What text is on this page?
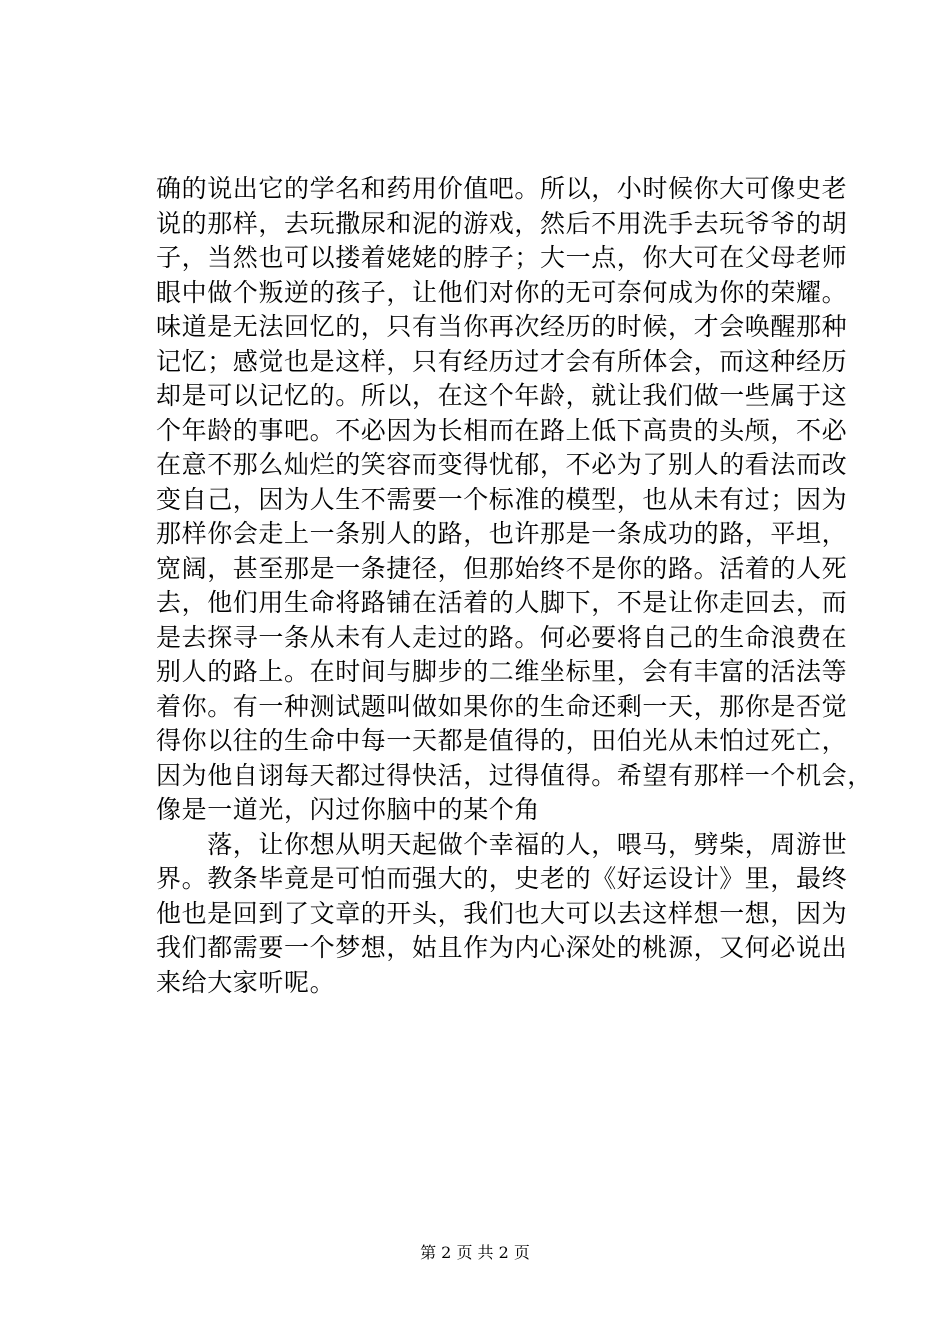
确的说出它的学名和药用价值吧。所以，小时候你大可像史老
说的那样，去玩撒尿和泥的游戏，然后不用洗手去玩爷爷的胡
子，当然也可以搂着姥姥的脖子；大一点，你大可在父母老师
眼中做个叛逆的孩子，让他们对你的无可奈何成为你的荣耀。
味道是无法回忆的，只有当你再次经历的时候，才会唤醒那种
记忆；感觉也是这样，只有经历过才会有所体会，而这种经历
却是可以记忆的。所以，在这个年龄，就让我们做一些属于这
个年龄的事吧。不必因为长相而在路上低下高贵的头颅，不必
在意不那么灿烂的笑容而变得忧郁，不必为了别人的看法而改
变自己，因为人生不需要一个标准的模型，也从未有过；因为
那样你会走上一条别人的路，也许那是一条成功的路，平坦，
宽阔，甚至那是一条捷径，但那始终不是你的路。活着的人死
去，他们用生命将路铺在活着的人脚下，不是让你走回去，而
是去探寻一条从未有人走过的路。何必要将自己的生命浪费在
别人的路上。在时间与脚步的二维坐标里，会有丰富的活法等
着你。有一种测试题叫做如果你的生命还剩一天，那你是否觉
得你以往的生命中每一天都是值得的，田伯光从未怕过死亡，
因为他自诩每天都过得快活，过得值得。希望有那样一个机会，
像是一道光，闪过你脑中的某个角
　　落，让你想从明天起做个幸福的人，喂马，劈柴，周游世
界。教条毕竟是可怕而强大的，史老的《好运设计》里，最终
他也是回到了文章的开头，我们也大可以去这样想一想，因为
我们都需要一个梦想，姑且作为内心深处的桃源，又何必说出
来给大家听呢。
第 2 页 共 2 页
